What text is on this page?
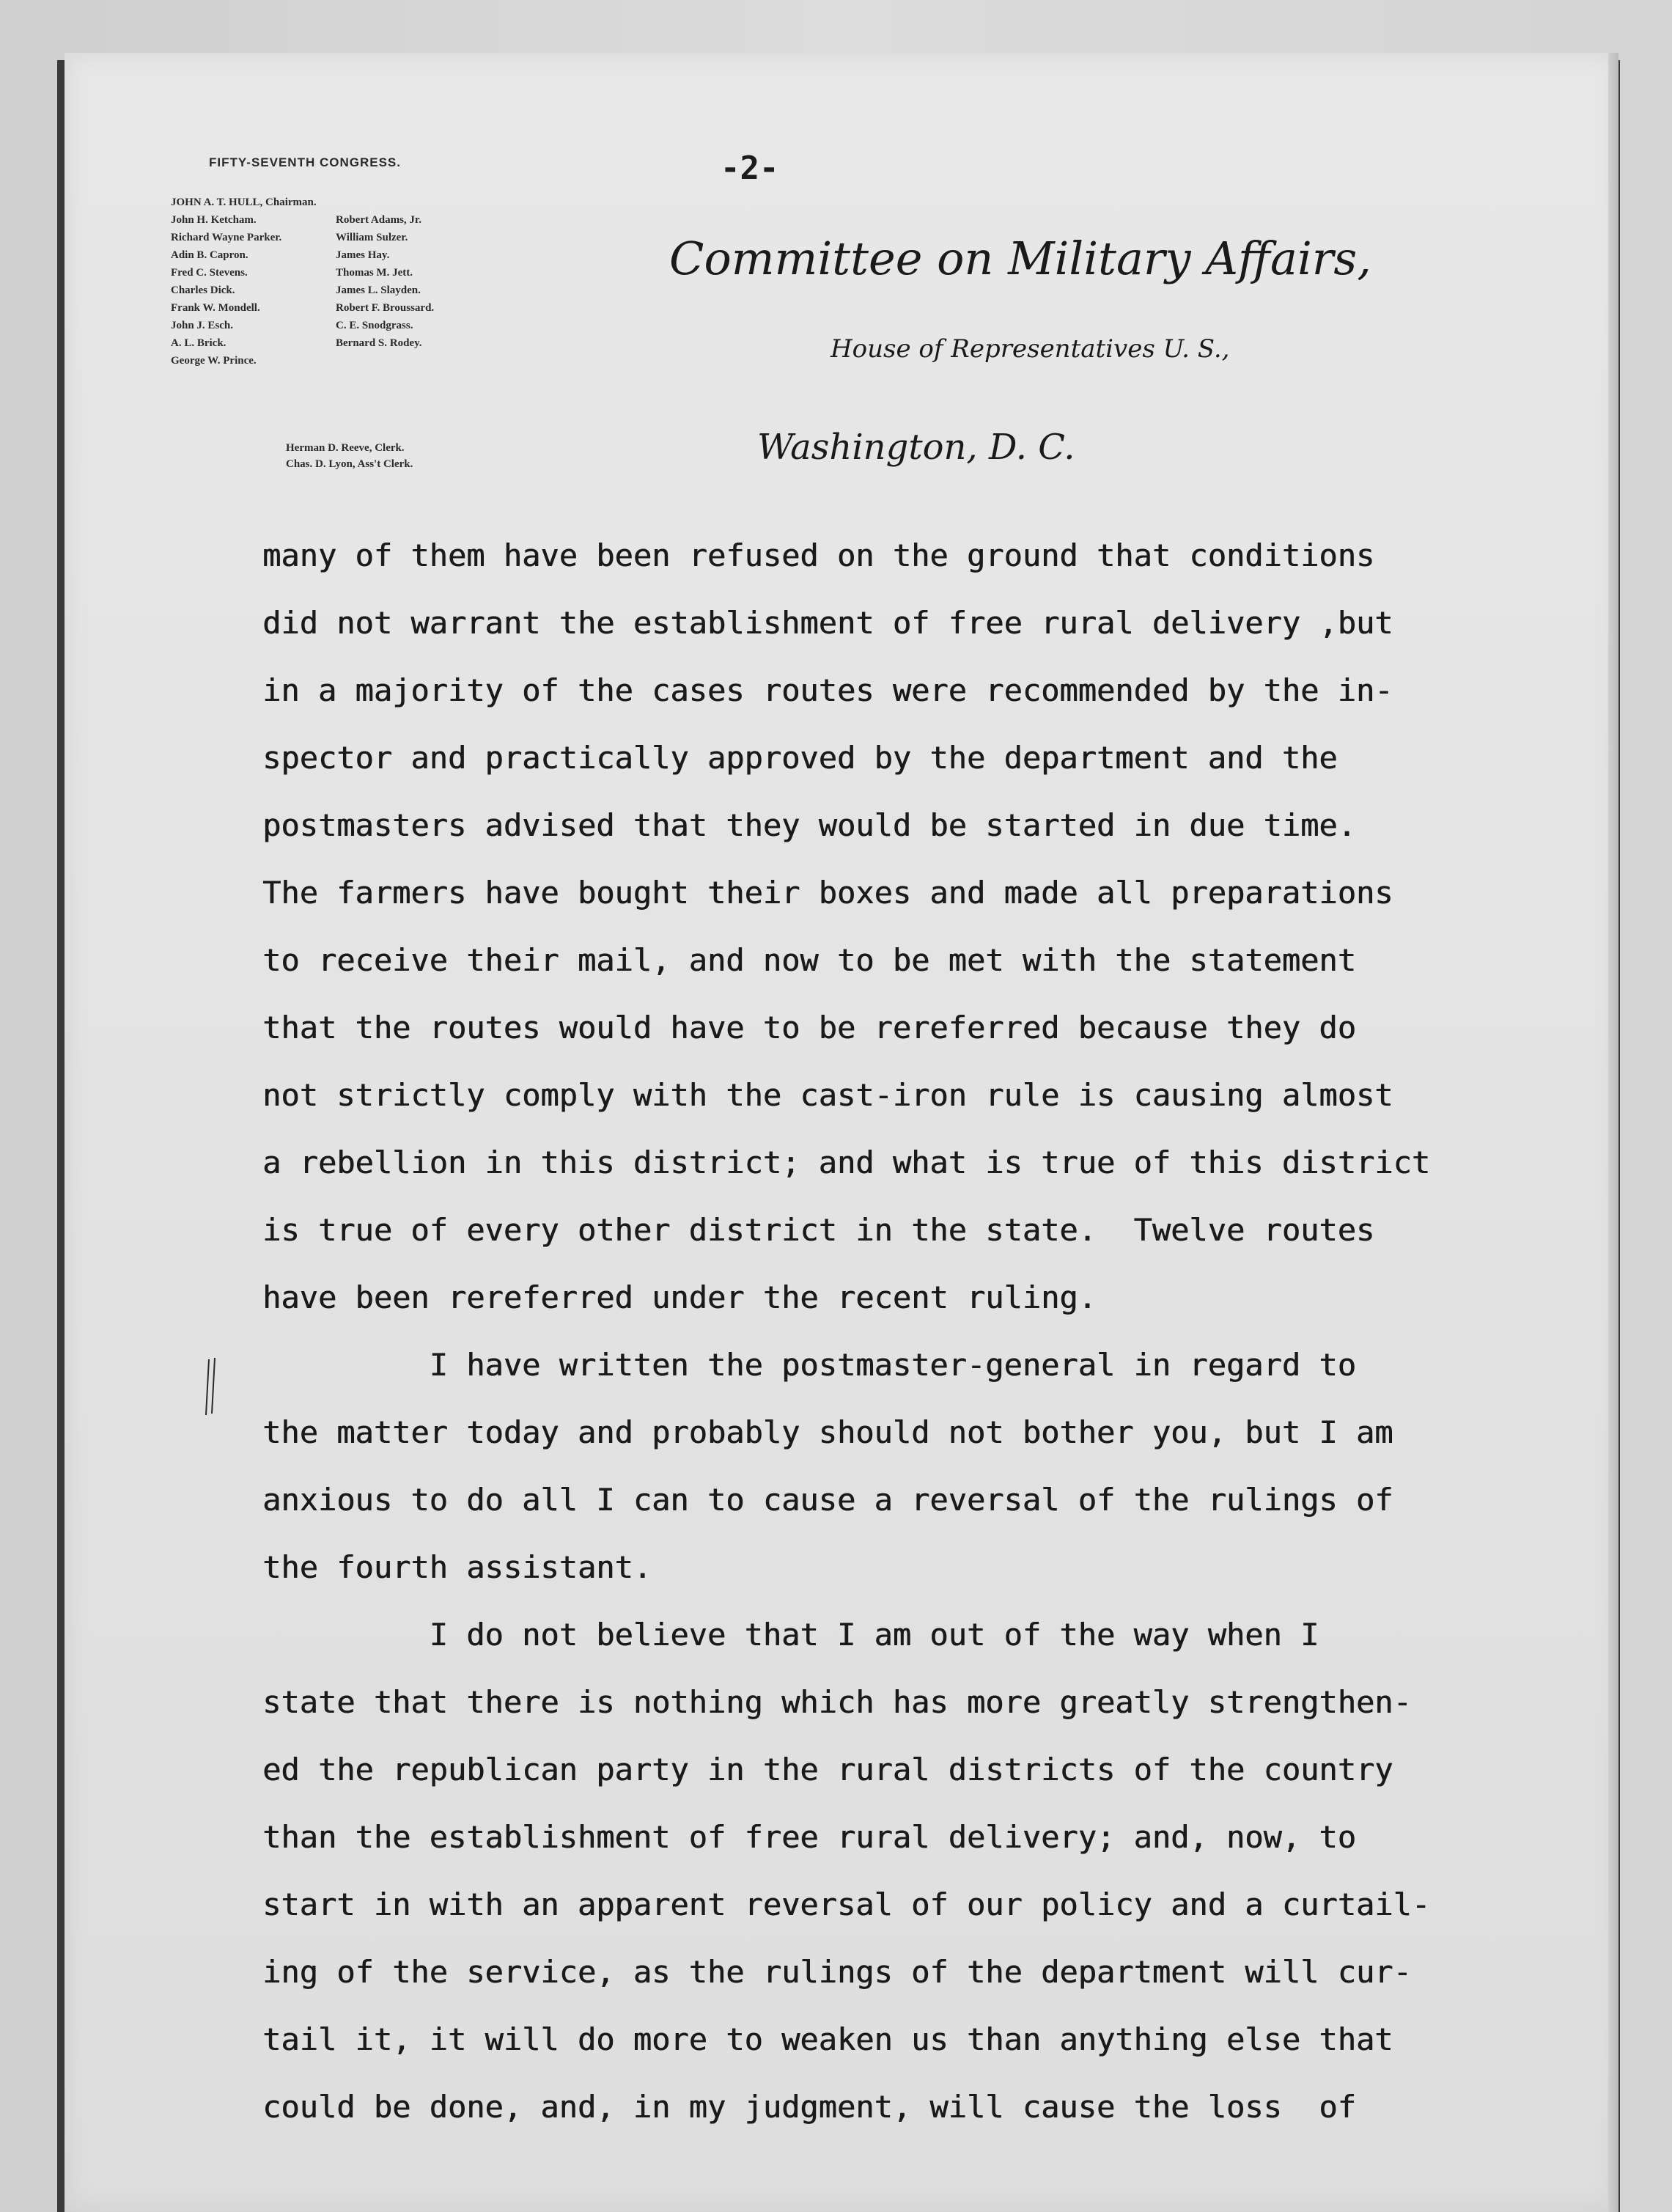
FIFTY-SEVENTH CONGRESS.
JOHN A. T. HULL, Chairman.
John H. Ketcham.
Richard Wayne Parker.
Adin B. Capron.
Fred C. Stevens.
Charles Dick.
Frank W. Mondell.
John J. Esch.
A. L. Brick.
George W. Prince.
Robert Adams, Jr.
William Sulzer.
James Hay.
Thomas M. Jett.
James L. Slayden.
Robert F. Broussard.
C. E. Snodgrass.
Bernard S. Rodey.
Herman D. Reeve, Clerk.
Chas. D. Lyon, Ass't Clerk.
-2-
Committee on Military Affairs,
House of Representatives U. S.,
Washington, D. C.
many of them have been refused on the ground that conditions
did not warrant the establishment of free rural delivery ,but
in a majority of the cases routes were recommended by the in-
spector and practically approved by the department and the
postmasters advised that they would be started in due time.
The farmers have bought their boxes and made all preparations
to receive their mail, and now to be met with the statement
that the routes would have to be rereferred because they do
not strictly comply with the cast-iron rule is causing almost
a rebellion in this district; and what is true of this district
is true of every other district in the state.  Twelve routes
have been rereferred under the recent ruling.
I have written the postmaster-general in regard to
the matter today and probably should not bother you, but I am
anxious to do all I can to cause a reversal of the rulings of
the fourth assistant.
I do not believe that I am out of the way when I
state that there is nothing which has more greatly strengthen-
ed the republican party in the rural districts of the country
than the establishment of free rural delivery; and, now, to
start in with an apparent reversal of our policy and a curtail-
ing of the service, as the rulings of the department will cur-
tail it, it will do more to weaken us than anything else that
could be done, and, in my judgment, will cause the loss  of
